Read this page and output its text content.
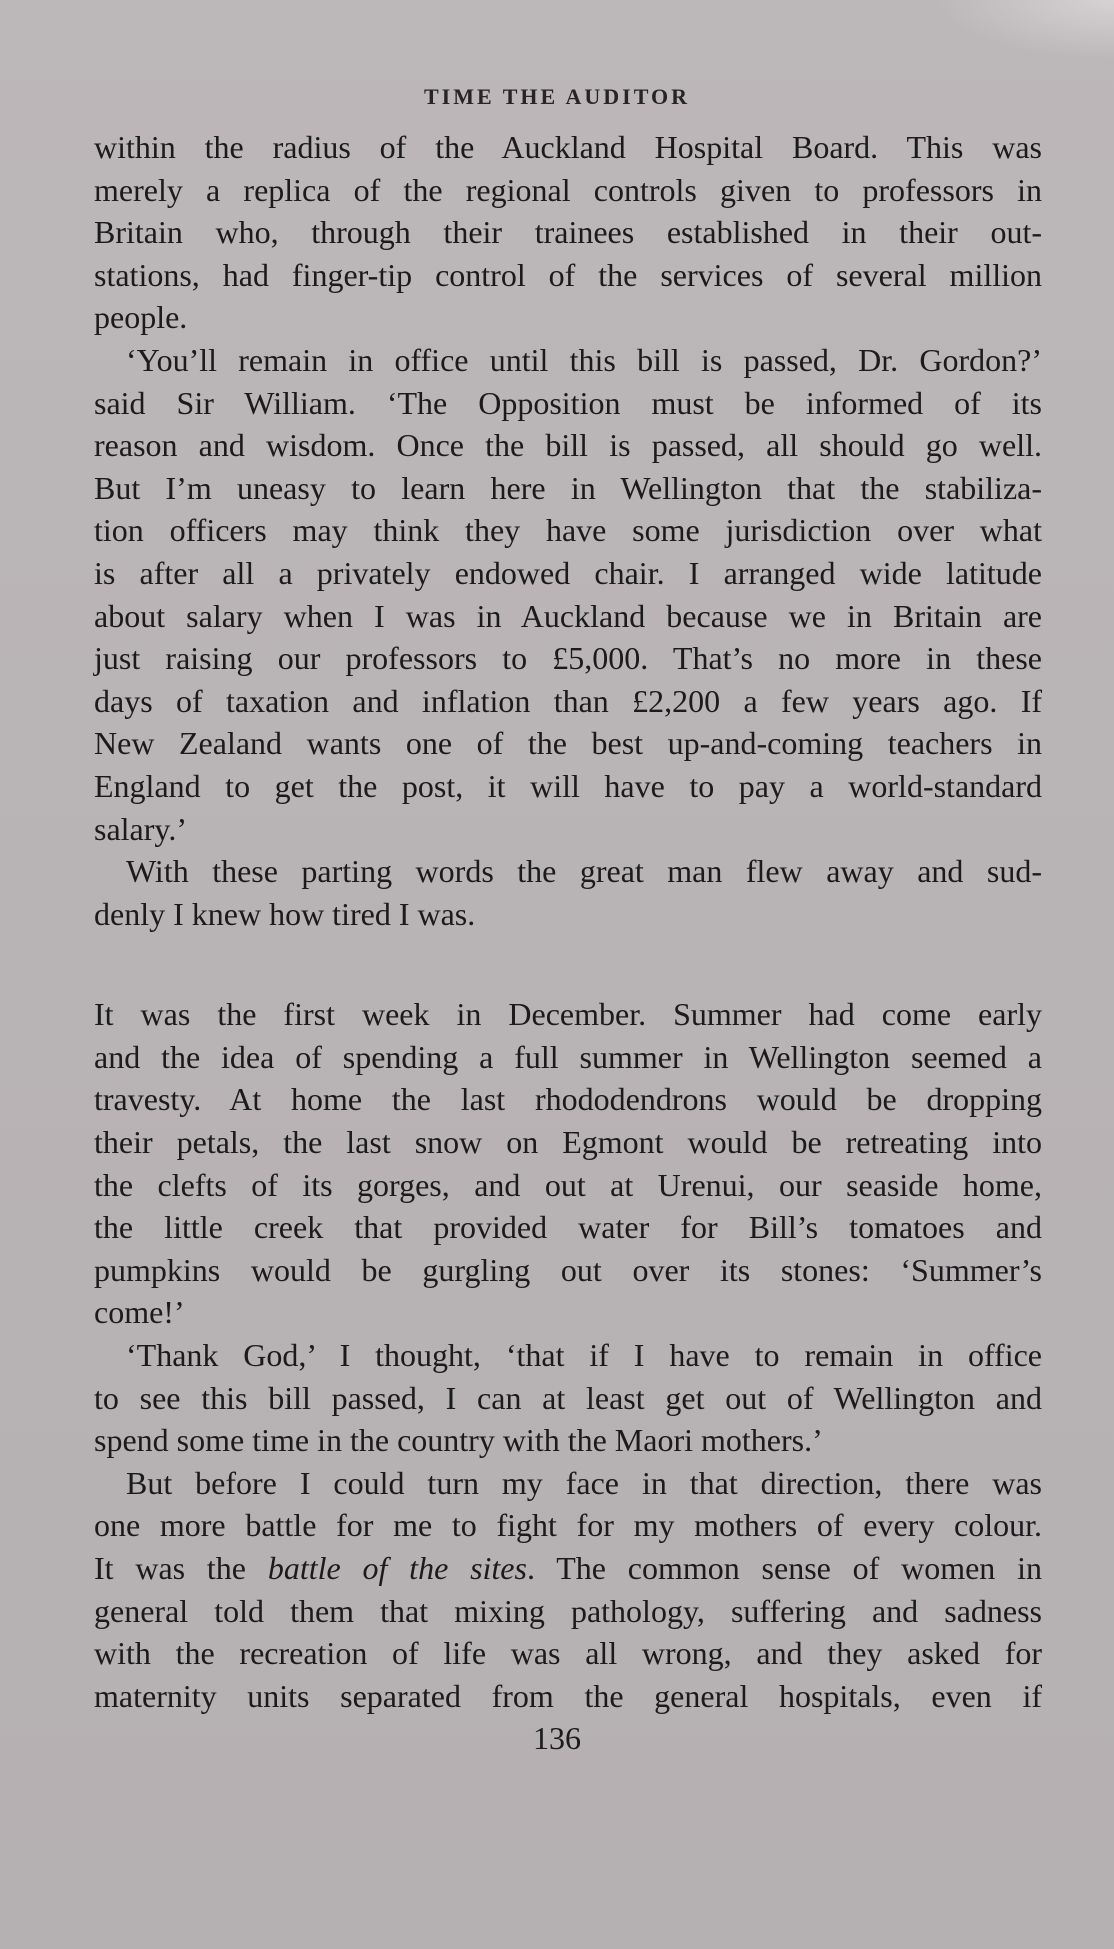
TIME THE AUDITOR
within the radius of the Auckland Hospital Board. This was
merely a replica of the regional controls given to professors in
Britain who, through their trainees established in their out-
stations, had finger-tip control of the services of several million
people.
‘You’ll remain in office until this bill is passed, Dr. Gordon?’
said Sir William. ‘The Opposition must be informed of its
reason and wisdom. Once the bill is passed, all should go well.
But I’m uneasy to learn here in Wellington that the stabiliza-
tion officers may think they have some jurisdiction over what
is after all a privately endowed chair. I arranged wide latitude
about salary when I was in Auckland because we in Britain are
just raising our professors to £5,000. That’s no more in these
days of taxation and inflation than £2,200 a few years ago. If
New Zealand wants one of the best up-and-coming teachers in
England to get the post, it will have to pay a world-standard
salary.’
With these parting words the great man flew away and sud-
denly I knew how tired I was.
It was the first week in December. Summer had come early
and the idea of spending a full summer in Wellington seemed a
travesty. At home the last rhododendrons would be dropping
their petals, the last snow on Egmont would be retreating into
the clefts of its gorges, and out at Urenui, our seaside home,
the little creek that provided water for Bill’s tomatoes and
pumpkins would be gurgling out over its stones: ‘Summer’s
come!’
‘Thank God,’ I thought, ‘that if I have to remain in office
to see this bill passed, I can at least get out of Wellington and
spend some time in the country with the Maori mothers.’
But before I could turn my face in that direction, there was
one more battle for me to fight for my mothers of every colour.
It was the battle of the sites. The common sense of women in
general told them that mixing pathology, suffering and sadness
with the recreation of life was all wrong, and they asked for
maternity units separated from the general hospitals, even if
136
